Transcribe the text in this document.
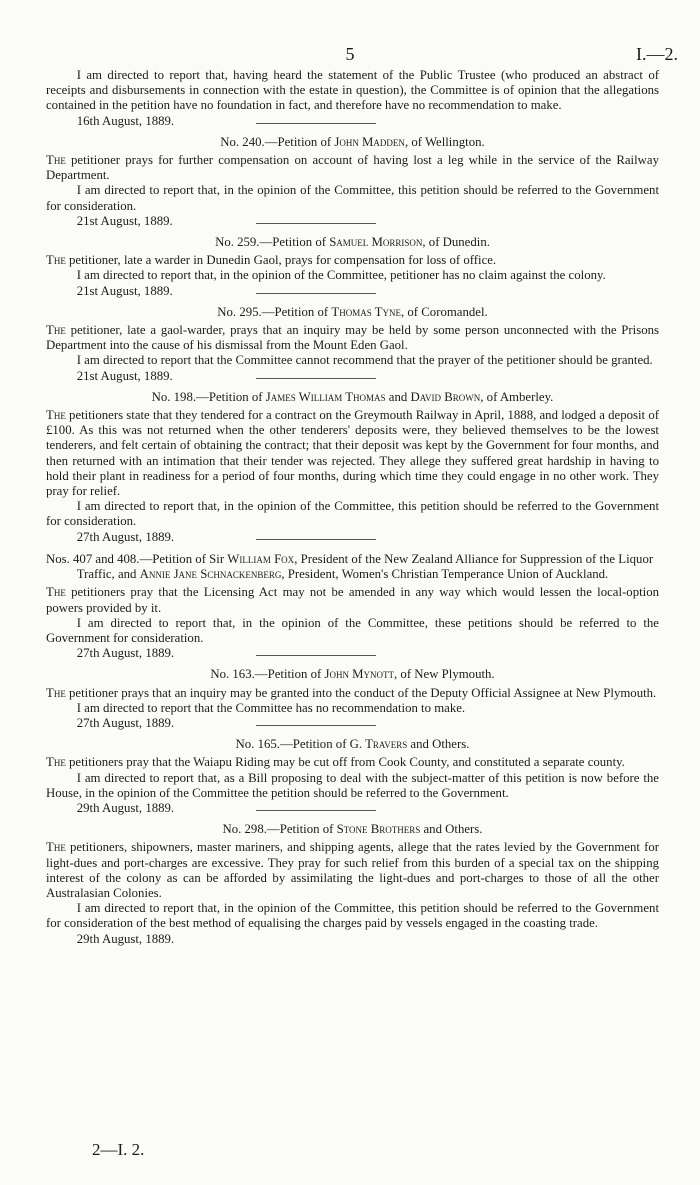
5	I.—2.

I am directed to report that, having heard the statement of the Public Trustee (who produced an abstract of receipts and disbursements in connection with the estate in question), the Committee is of opinion that the allegations contained in the petition have no foundation in fact, and therefore have no recommendation to make.

16th August, 1889.

No. 240.—Petition of John Madden, of Wellington.

The petitioner prays for further compensation on account of having lost a leg while in the service of the Railway Department.

I am directed to report that, in the opinion of the Committee, this petition should be referred to the Government for consideration.

21st August, 1889.

No. 259.—Petition of Samuel Morrison, of Dunedin.

The petitioner, late a warder in Dunedin Gaol, prays for compensation for loss of office.

I am directed to report that, in the opinion of the Committee, petitioner has no claim against the colony.

21st August, 1889.

No. 295.—Petition of Thomas Tyne, of Coromandel.

The petitioner, late a gaol-warder, prays that an inquiry may be held by some person unconnected with the Prisons Department into the cause of his dismissal from the Mount Eden Gaol.

I am directed to report that the Committee cannot recommend that the prayer of the petitioner should be granted.

21st August, 1889.

No. 198.—Petition of James William Thomas and David Brown, of Amberley.

The petitioners state that they tendered for a contract on the Greymouth Railway in April, 1888, and lodged a deposit of £100. As this was not returned when the other tenderers' deposits were, they believed themselves to be the lowest tenderers, and felt certain of obtaining the contract; that their deposit was kept by the Government for four months, and then returned with an intimation that their tender was rejected. They allege they suffered great hardship in having to hold their plant in readiness for a period of four months, during which time they could engage in no other work. They pray for relief.

I am directed to report that, in the opinion of the Committee, this petition should be referred to the Government for consideration.

27th August, 1889.

Nos. 407 and 408.—Petition of Sir William Fox, President of the New Zealand Alliance for Suppression of the Liquor Traffic, and Annie Jane Schnackenberg, President, Women's Christian Temperance Union of Auckland.

The petitioners pray that the Licensing Act may not be amended in any way which would lessen the local-option powers provided by it.

I am directed to report that, in the opinion of the Committee, these petitions should be referred to the Government for consideration.

27th August, 1889.

No. 163.—Petition of John Mynott, of New Plymouth.

The petitioner prays that an inquiry may be granted into the conduct of the Deputy Official Assignee at New Plymouth.

I am directed to report that the Committee has no recommendation to make.

27th August, 1889.

No. 165.—Petition of G. Travers and Others.

The petitioners pray that the Waiapu Riding may be cut off from Cook County, and constituted a separate county.

I am directed to report that, as a Bill proposing to deal with the subject-matter of this petition is now before the House, in the opinion of the Committee the petition should be referred to the Government.

29th August, 1889.

No. 298.—Petition of Stone Brothers and Others.

The petitioners, shipowners, master mariners, and shipping agents, allege that the rates levied by the Government for light-dues and port-charges are excessive. They pray for such relief from this burden of a special tax on the shipping interest of the colony as can be afforded by assimilating the light-dues and port-charges to those of all the other Australasian Colonies.

I am directed to report that, in the opinion of the Committee, this petition should be referred to the Government for consideration of the best method of equalising the charges paid by vessels engaged in the coasting trade.

29th August, 1889.

2—I. 2.
